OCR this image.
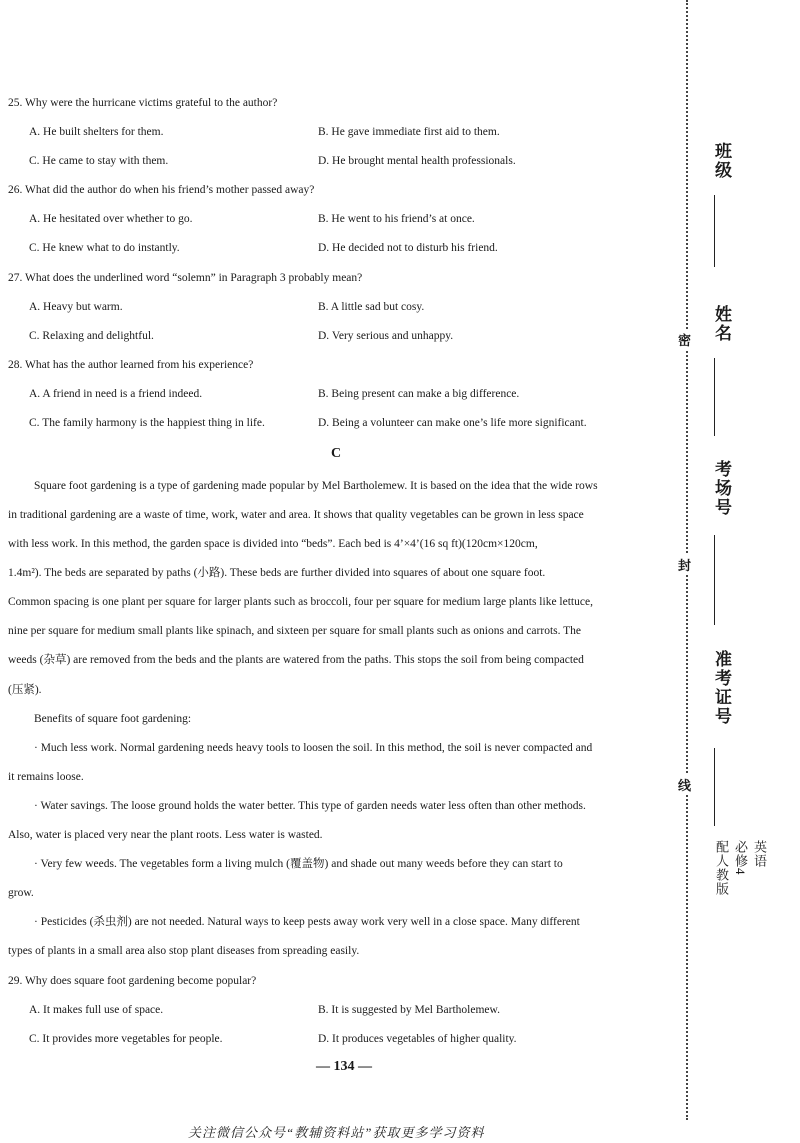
25. Why were the hurricane victims grateful to the author?
A. He built shelters for them.	B. He gave immediate first aid to them.
C. He came to stay with them.	D. He brought mental health professionals.
26. What did the author do when his friend’s mother passed away?
A. He hesitated over whether to go.	B. He went to his friend’s at once.
C. He knew what to do instantly.	D. He decided not to disturb his friend.
27. What does the underlined word “solemn” in Paragraph 3 probably mean?
A. Heavy but warm.	B. A little sad but cosy.
C. Relaxing and delightful.	D. Very serious and unhappy.
28. What has the author learned from his experience?
A. A friend in need is a friend indeed.	B. Being present can make a big difference.
C. The family harmony is the happiest thing in life.	D. Being a volunteer can make one’s life more significant.
C
Square foot gardening is a type of gardening made popular by Mel Bartholemew. It is based on the idea that the wide rows
in traditional gardening are a waste of time, work, water and area. It shows that quality vegetables can be grown in less space
with less work. In this method, the garden space is divided into “beds”. Each bed is 4’×4’(16 sq ft)(120cm×120cm,
1.4m²). The beds are separated by paths (小路). These beds are further divided into squares of about one square foot.
Common spacing is one plant per square for larger plants such as broccoli, four per square for medium large plants like lettuce,
nine per square for medium small plants like spinach, and sixteen per square for small plants such as onions and carrots. The
weeds (杂草) are removed from the beds and the plants are watered from the paths. This stops the soil from being compacted
(压紧).
Benefits of square foot gardening:
· Much less work. Normal gardening needs heavy tools to loosen the soil. In this method, the soil is never compacted and
it remains loose.
· Water savings. The loose ground holds the water better. This type of garden needs water less often than other methods.
Also, water is placed very near the plant roots. Less water is wasted.
· Very few weeds. The vegetables form a living mulch (覆盖物) and shade out many weeds before they can start to
grow.
· Pesticides (杀虫剂) are not needed. Natural ways to keep pests away work very well in a close space. Many different
types of plants in a small area also stop plant diseases from spreading easily.
29. Why does square foot gardening become popular?
A. It makes full use of space.	B. It is suggested by Mel Bartholemew.
C. It provides more vegetables for people.	D. It produces vegetables of higher quality.
— 134 —
关注微信公众号“教辅资料站”获取更多学习资料
班级
姓名
考场号
准考证号
密
封
线
英语
必修4
配人教版
